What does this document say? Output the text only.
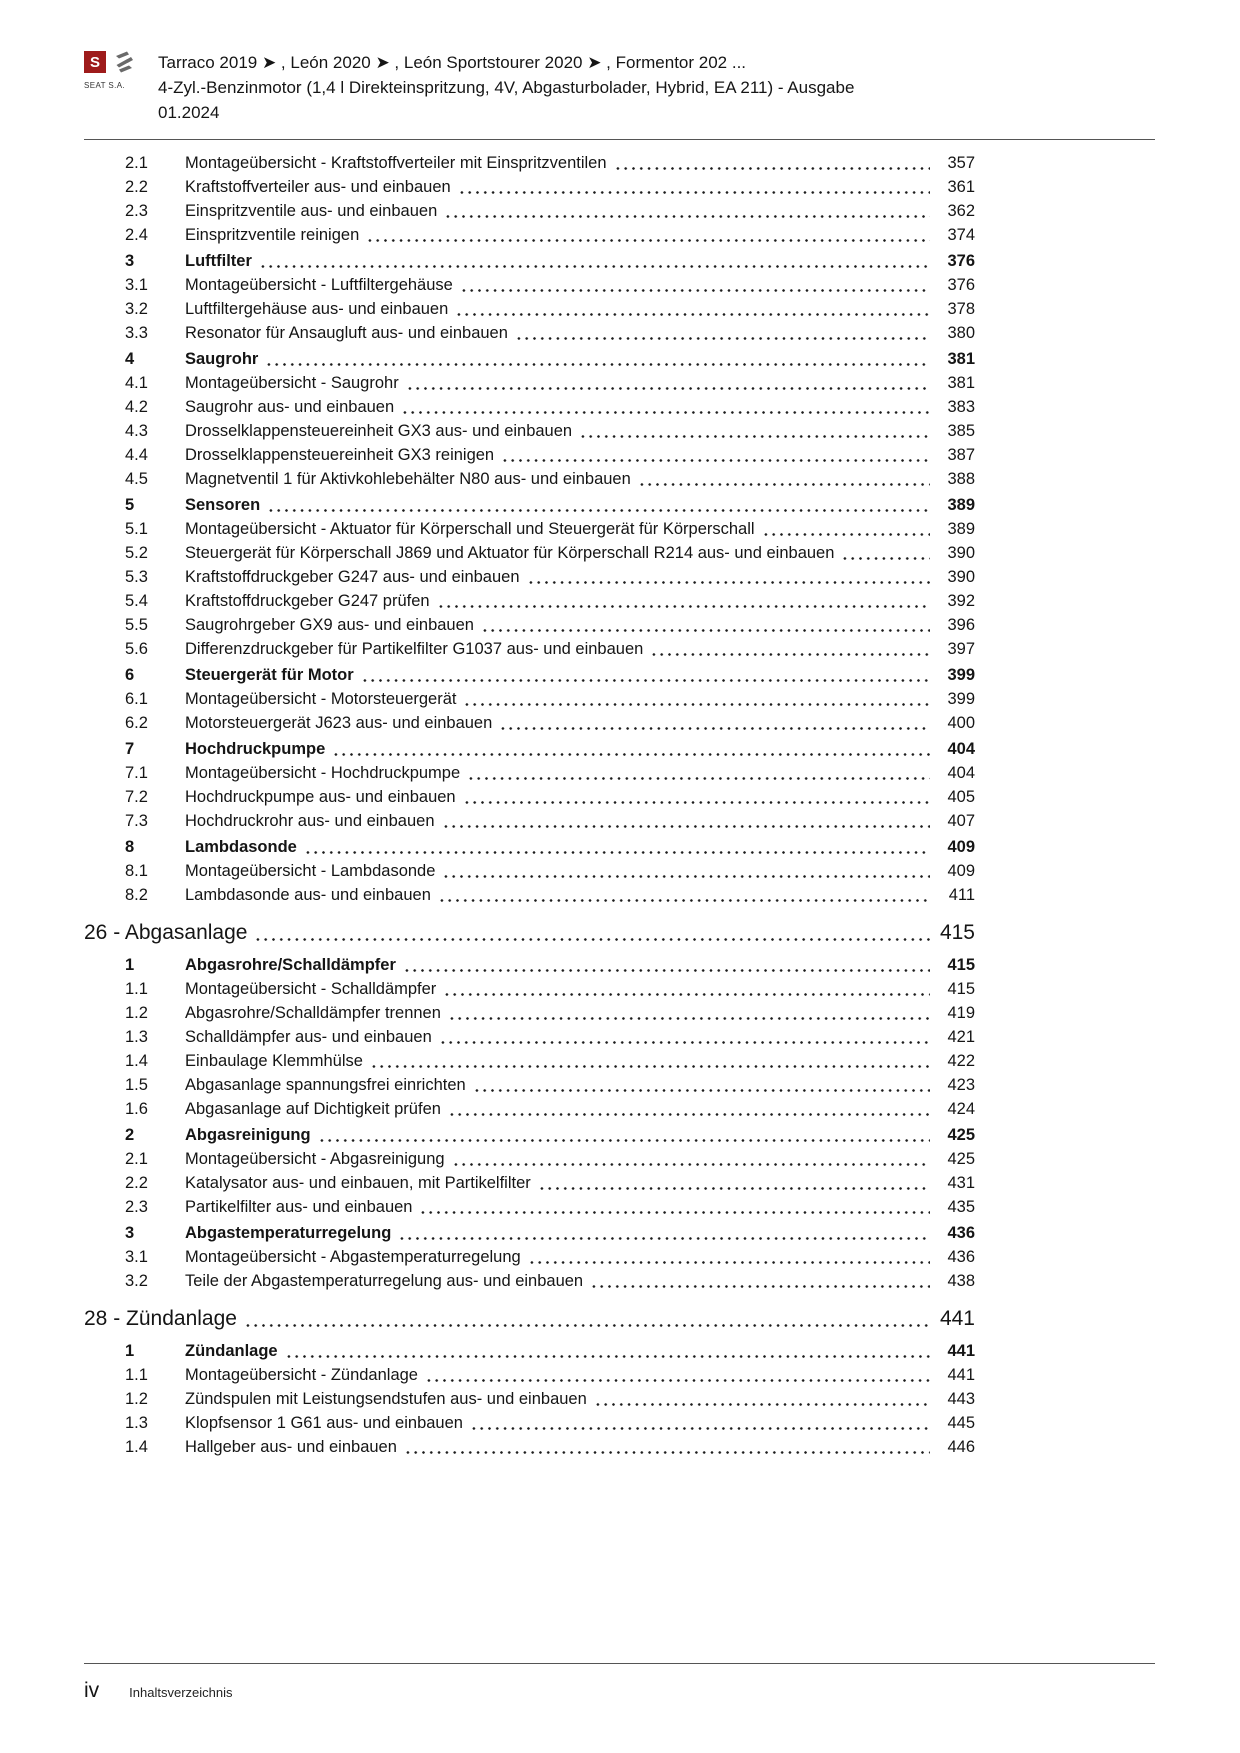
S
SEAT S.A.
Tarraco 2019 ➤ , León 2020 ➤ , León Sportstourer 2020 ➤ , Formentor 202 ...
4-Zyl.-Benzinmotor (1,4 l Direkteinspritzung, 4V, Abgasturbolader, Hybrid, EA 211) - Ausgabe
01.2024
2.1	Montageübersicht - Kraftstoffverteiler mit Einspritzventilen	357
2.2	Kraftstoffverteiler aus- und einbauen	361
2.3	Einspritzventile aus- und einbauen	362
2.4	Einspritzventile reinigen	374
3	Luftfilter	376
3.1	Montageübersicht - Luftfiltergehäuse	376
3.2	Luftfiltergehäuse aus- und einbauen	378
3.3	Resonator für Ansaugluft aus- und einbauen	380
4	Saugrohr	381
4.1	Montageübersicht - Saugrohr	381
4.2	Saugrohr aus- und einbauen	383
4.3	Drosselklappensteuereinheit GX3 aus- und einbauen	385
4.4	Drosselklappensteuereinheit GX3 reinigen	387
4.5	Magnetventil 1 für Aktivkohlebehälter N80 aus- und einbauen	388
5	Sensoren	389
5.1	Montageübersicht - Aktuator für Körperschall und Steuergerät für Körperschall	389
5.2	Steuergerät für Körperschall J869 und Aktuator für Körperschall R214 aus- und einbauen	390
5.3	Kraftstoffdruckgeber G247 aus- und einbauen	390
5.4	Kraftstoffdruckgeber G247 prüfen	392
5.5	Saugrohrgeber GX9 aus- und einbauen	396
5.6	Differenzdruckgeber für Partikelfilter G1037 aus- und einbauen	397
6	Steuergerät für Motor	399
6.1	Montageübersicht - Motorsteuergerät	399
6.2	Motorsteuergerät J623 aus- und einbauen	400
7	Hochdruckpumpe	404
7.1	Montageübersicht - Hochdruckpumpe	404
7.2	Hochdruckpumpe aus- und einbauen	405
7.3	Hochdruckrohr aus- und einbauen	407
8	Lambdasonde	409
8.1	Montageübersicht - Lambdasonde	409
8.2	Lambdasonde aus- und einbauen	411
26 - Abgasanlage	415
1	Abgasrohre/Schalldämpfer	415
1.1	Montageübersicht - Schalldämpfer	415
1.2	Abgasrohre/Schalldämpfer trennen	419
1.3	Schalldämpfer aus- und einbauen	421
1.4	Einbaulage Klemmhülse	422
1.5	Abgasanlage spannungsfrei einrichten	423
1.6	Abgasanlage auf Dichtigkeit prüfen	424
2	Abgasreinigung	425
2.1	Montageübersicht - Abgasreinigung	425
2.2	Katalysator aus- und einbauen, mit Partikelfilter	431
2.3	Partikelfilter aus- und einbauen	435
3	Abgastemperaturregelung	436
3.1	Montageübersicht - Abgastemperaturregelung	436
3.2	Teile der Abgastemperaturregelung aus- und einbauen	438
28 - Zündanlage	441
1	Zündanlage	441
1.1	Montageübersicht - Zündanlage	441
1.2	Zündspulen mit Leistungsendstufen aus- und einbauen	443
1.3	Klopfsensor 1 G61 aus- und einbauen	445
1.4	Hallgeber aus- und einbauen	446
iv Inhaltsverzeichnis
